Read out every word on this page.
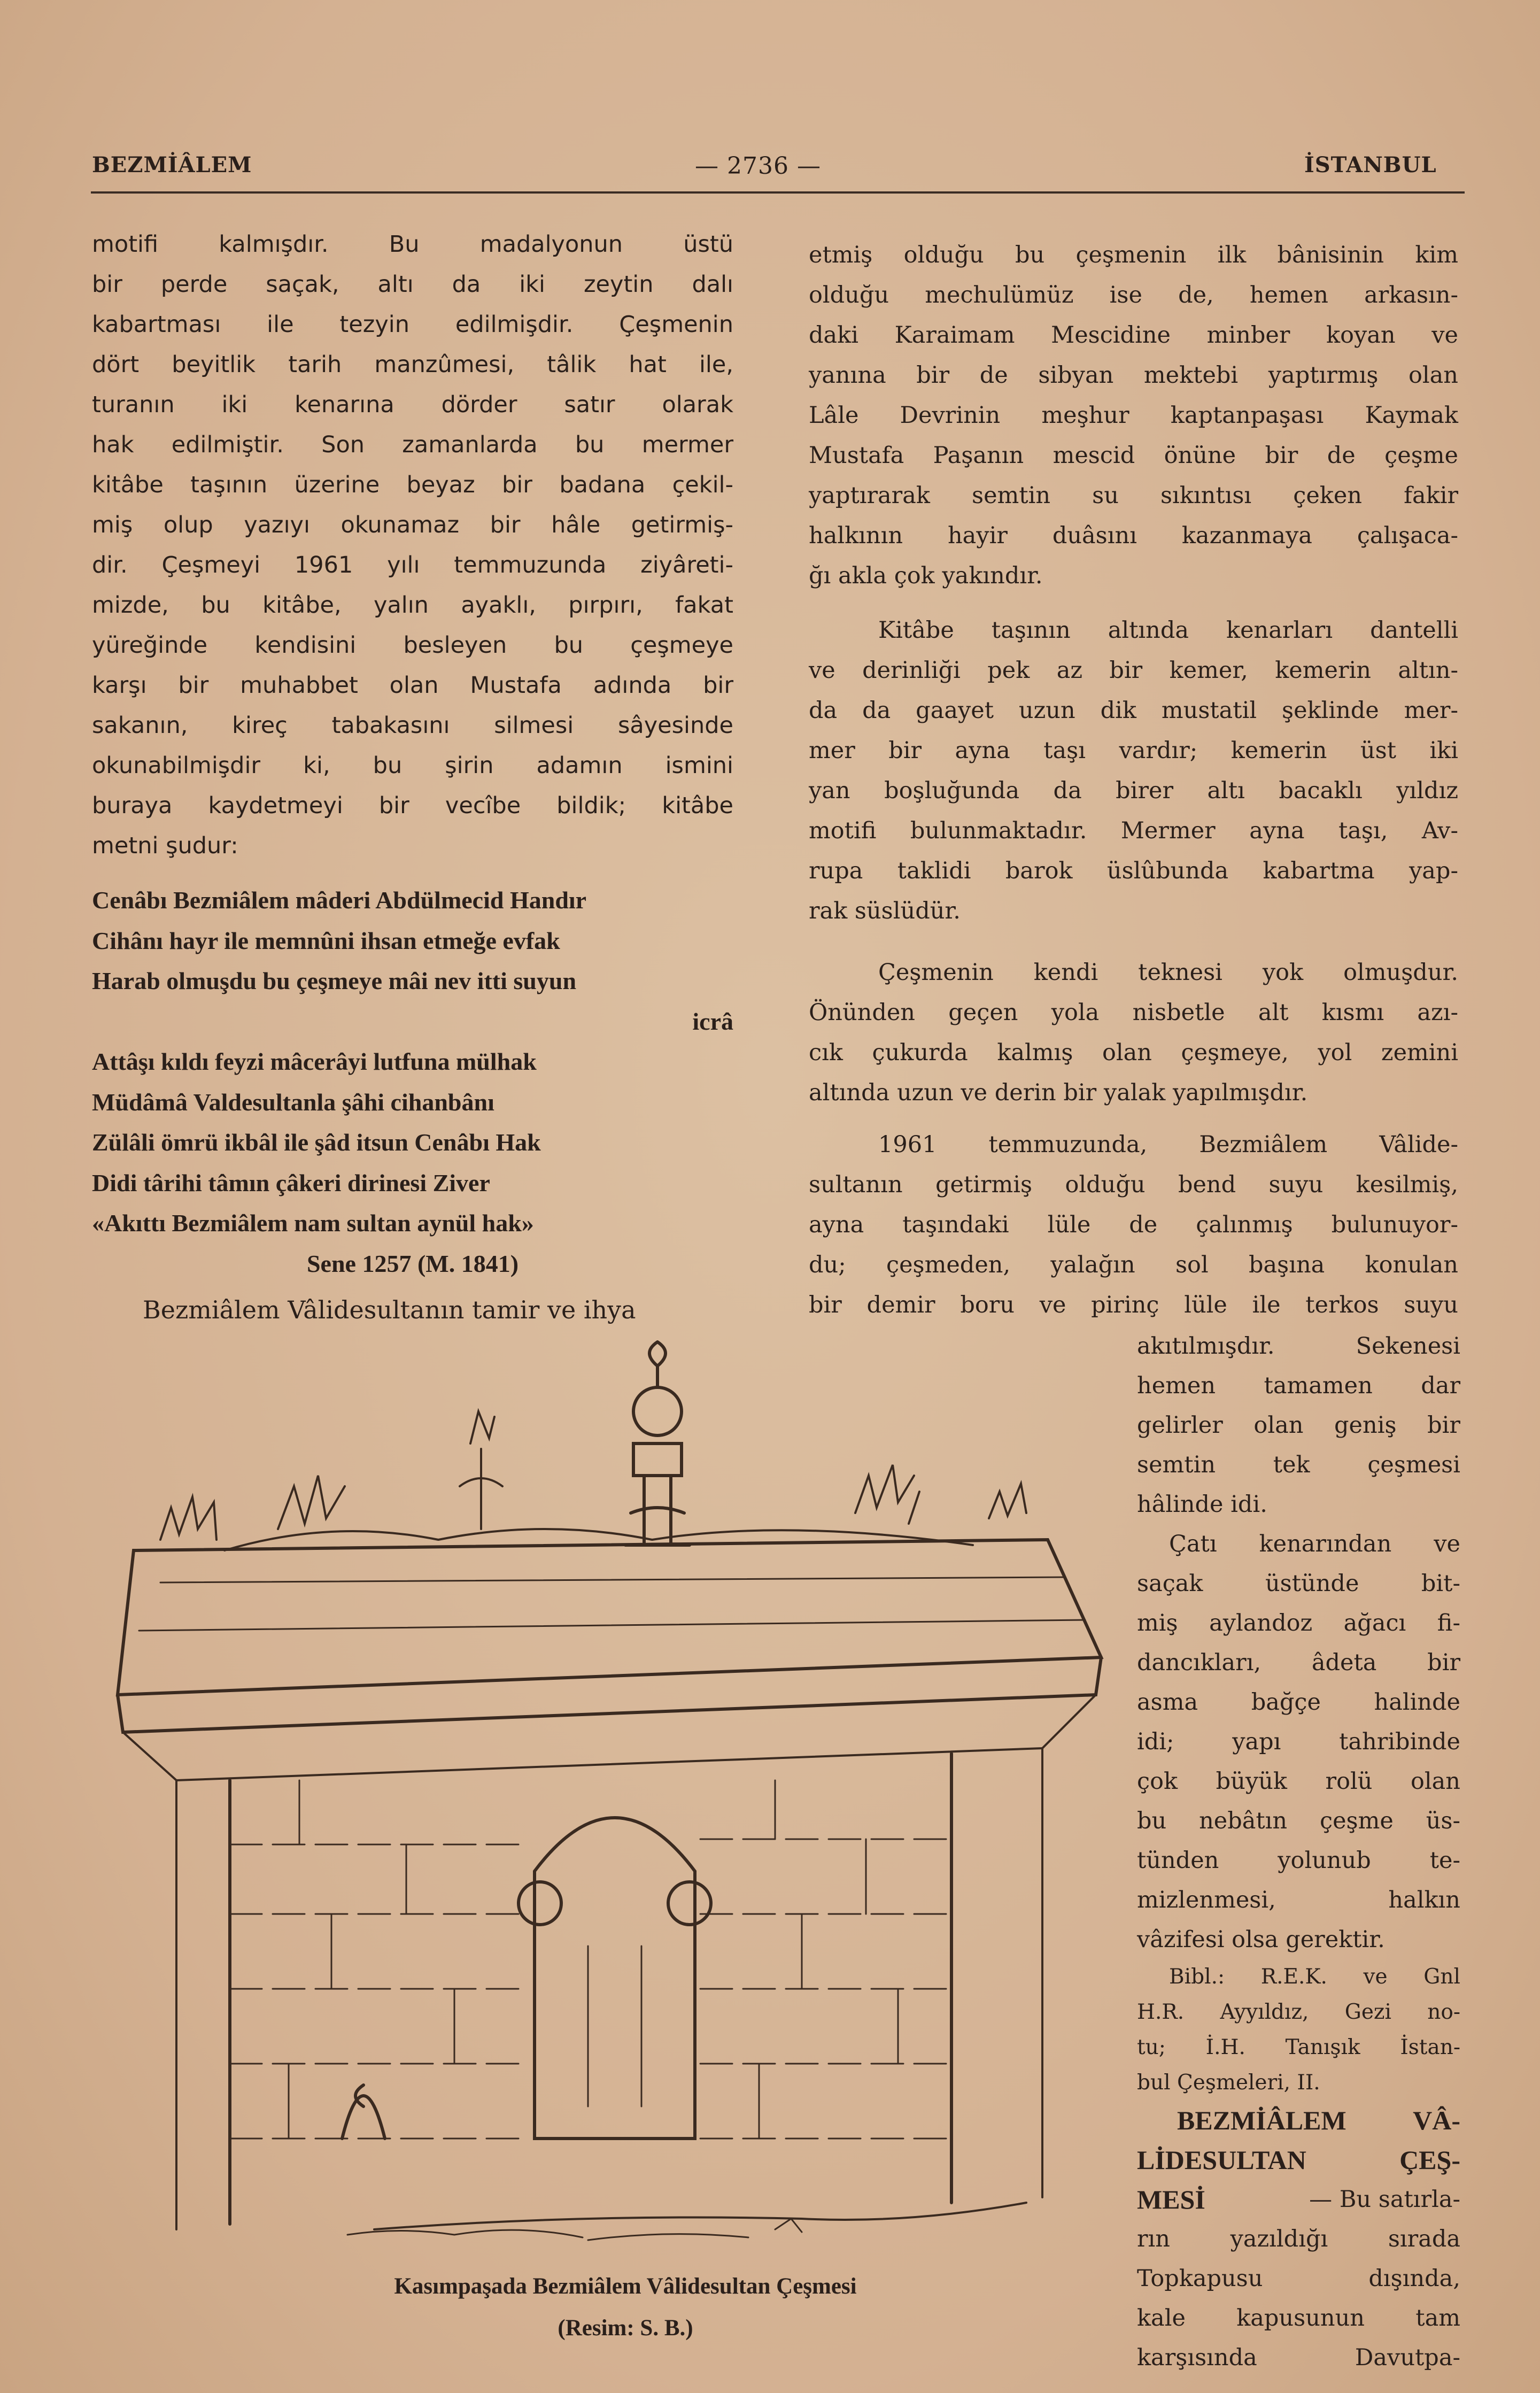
BEZMİÂLEM	— 2736 —	İSTANBUL
motifi kalmışdır. Bu madalyonun üstü
bir perde saçak, altı da iki zeytin dalı
kabartması ile tezyin edilmişdir. Çeşmenin
dört beyitlik tarih manzûmesi, tâlik hat ile,
turanın iki kenarına dörder satır olarak
hak edilmiştir. Son zamanlarda bu mermer
kitâbe taşının üzerine beyaz bir badana çekil-
miş olup yazıyı okunamaz bir hâle getirmiş-
dir. Çeşmeyi 1961 yılı temmuzunda ziyâreti-
mizde, bu kitâbe, yalın ayaklı, pırpırı, fakat
yüreğinde kendisini besleyen bu çeşmeye
karşı bir muhabbet olan Mustafa adında bir
sakanın, kireç tabakasını silmesi sâyesinde
okunabilmişdir ki, bu şirin adamın ismini
buraya kaydetmeyi bir vecîbe bildik; kitâbe
metni şudur:
Cenâbı Bezmiâlem mâderi Abdülmecid Handır
Cihânı hayr ile memnûni ihsan etmeğe evfak
Harab olmuşdu bu çeşmeye mâi nev itti suyun
icrâ
Attâşı kıldı feyzi mâcerâyi lutfuna mülhak
Müdâmâ Valdesultanla şâhi cihanbânı
Zülâli ömrü ikbâl ile şâd itsun Cenâbı Hak
Didi târihi tâmın çâkeri dirinesi Ziver
«Akıttı Bezmiâlem nam sultan aynül hak»
Sene 1257 (M. 1841)
Bezmiâlem Vâlidesultanın tamir ve ihya
etmiş olduğu bu çeşmenin ilk bânisinin kim
olduğu mechulümüz ise de, hemen arkasın-
daki Karaimam Mescidine minber koyan ve
yanına bir de sibyan mektebi yaptırmış olan
Lâle Devrinin meşhur kaptanpaşası Kaymak
Mustafa Paşanın mescid önüne bir de çeşme
yaptırarak semtin su sıkıntısı çeken fakir
halkının hayir duâsını kazanmaya çalışaca-
ğı akla çok yakındır.
Kitâbe taşının altında kenarları dantelli
ve derinliği pek az bir kemer, kemerin altın-
da da gaayet uzun dik mustatil şeklinde mer-
mer bir ayna taşı vardır; kemerin üst iki
yan boşluğunda da birer altı bacaklı yıldız
motifi bulunmaktadır. Mermer ayna taşı, Av-
rupa taklidi barok üslûbunda kabartma yap-
rak süslüdür.
Çeşmenin kendi teknesi yok olmuşdur.
Önünden geçen yola nisbetle alt kısmı azı-
cık çukurda kalmış olan çeşmeye, yol zemini
altında uzun ve derin bir yalak yapılmışdır.
1961 temmuzunda, Bezmiâlem Vâlide-
sultanın getirmiş olduğu bend suyu kesilmiş,
ayna taşındaki lüle de çalınmış bulunuyor-
du; çeşmeden, yalağın sol başına konulan
bir demir boru ve pirinç lüle ile terkos suyu
akıtılmışdır. Sekenesi
hemen tamamen dar
gelirler olan geniş bir
semtin tek çeşmesi
hâlinde idi.
Çatı kenarından ve
saçak üstünde bit-
miş aylandoz ağacı fi-
dancıkları, âdeta bir
asma bağçe halinde
idi; yapı tahribinde
çok büyük rolü olan
bu nebâtın çeşme üs-
tünden yolunub te-
mizlenmesi, halkın
vâzifesi olsa gerektir.
Bibl.: R.E.K. ve Gnl
H.R. Ayyıldız, Gezi no-
tu; İ.H. Tanışık İstan-
bul Çeşmeleri, II.
BEZMİÂLEM VÂ-
LİDESULTAN ÇEŞ-
MESİ	— Bu satırla-
rın yazıldığı sırada
Topkapusu dışında,
kale kapusunun tam
karşısında Davutpa-
Kasımpaşada Bezmiâlem Vâlidesultan Çeşmesi
(Resim: S. B.)
